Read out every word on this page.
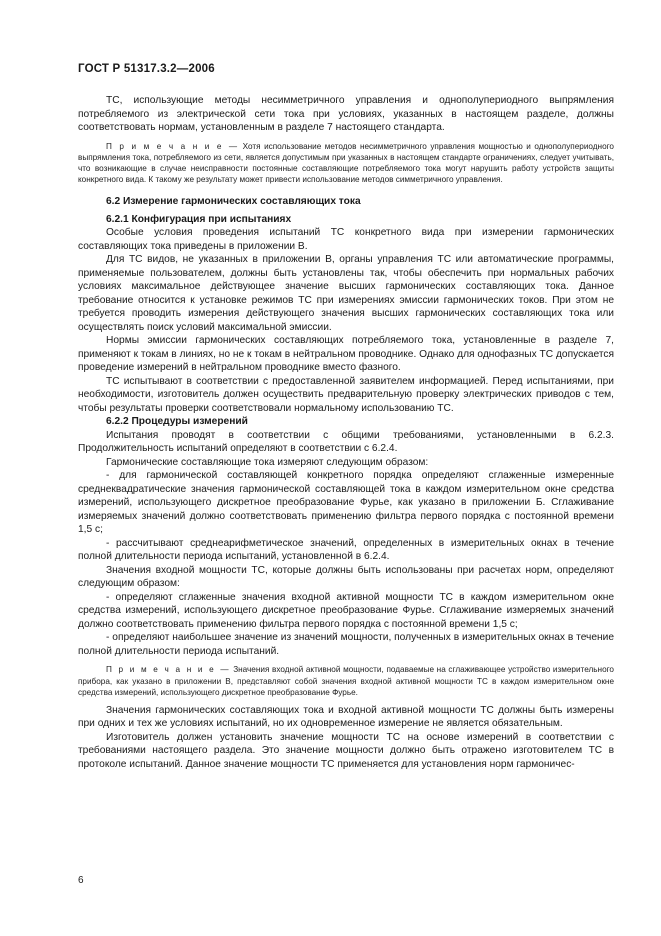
ГОСТ Р 51317.3.2—2006

ТС, использующие методы несимметричного управления и однополупериодного выпрямления потребляемого из электрической сети тока при условиях, указанных в настоящем разделе, должны соответствовать нормам, установленным в разделе 7 настоящего стандарта.

П р и м е ч а н и е — Хотя использование методов несимметричного управления мощностью и однополупериодного выпрямления тока, потребляемого из сети, является допустимым при указанных в настоящем стандарте ограничениях, следует учитывать, что возникающие в случае неисправности постоянные составляющие потребляемого тока могут нарушить работу устройств защиты конкретного вида. К такому же результату может привести использование методов симметричного управления.

6.2 Измерение гармонических составляющих тока

6.2.1 Конфигурация при испытаниях

Особые условия проведения испытаний ТС конкретного вида при измерении гармонических составляющих тока приведены в приложении В.

Для ТС видов, не указанных в приложении В, органы управления ТС или автоматические программы, применяемые пользователем, должны быть установлены так, чтобы обеспечить при нормальных рабочих условиях максимальное действующее значение высших гармонических составляющих тока. Данное требование относится к установке режимов ТС при измерениях эмиссии гармонических токов. При этом не требуется проводить измерения действующего значения высших гармонических составляющих тока или осуществлять поиск условий максимальной эмиссии.

Нормы эмиссии гармонических составляющих потребляемого тока, установленные в разделе 7, применяют к токам в линиях, но не к токам в нейтральном проводнике. Однако для однофазных ТС допускается проведение измерений в нейтральном проводнике вместо фазного.

ТС испытывают в соответствии с предоставленной заявителем информацией. Перед испытаниями, при необходимости, изготовитель должен осуществить предварительную проверку электрических приводов с тем, чтобы результаты проверки соответствовали нормальному использованию ТС.

6.2.2 Процедуры измерений

Испытания проводят в соответствии с общими требованиями, установленными в 6.2.3. Продолжительность испытаний определяют в соответствии с 6.2.4.

Гармонические составляющие тока измеряют следующим образом:

- для гармонической составляющей конкретного порядка определяют сглаженные измеренные среднеквадратические значения гармонической составляющей тока в каждом измерительном окне средства измерений, использующего дискретное преобразование Фурье, как указано в приложении Б. Сглаживание измеряемых значений должно соответствовать применению фильтра первого порядка с постоянной времени 1,5 с;

- рассчитывают среднеарифметическое значений, определенных в измерительных окнах в течение полной длительности периода испытаний, установленной в 6.2.4.

Значения входной мощности ТС, которые должны быть использованы при расчетах норм, определяют следующим образом:

- определяют сглаженные значения входной активной мощности ТС в каждом измерительном окне средства измерений, использующего дискретное преобразование Фурье. Сглаживание измеряемых значений должно соответствовать применению фильтра первого порядка с постоянной времени 1,5 с;

- определяют наибольшее значение из значений мощности, полученных в измерительных окнах в течение полной длительности периода испытаний.

П р и м е ч а н и е — Значения входной активной мощности, подаваемые на сглаживающее устройство измерительного прибора, как указано в приложении В, представляют собой значения входной активной мощности ТС в каждом измерительном окне средства измерений, использующего дискретное преобразование Фурье.

Значения гармонических составляющих тока и входной активной мощности ТС должны быть измерены при одних и тех же условиях испытаний, но их одновременное измерение не является обязательным.

Изготовитель должен установить значение мощности ТС на основе измерений в соответствии с требованиями настоящего раздела. Это значение мощности должно быть отражено изготовителем ТС в протоколе испытаний. Данное значение мощности ТС применяется для установления норм гармоничес-

6
